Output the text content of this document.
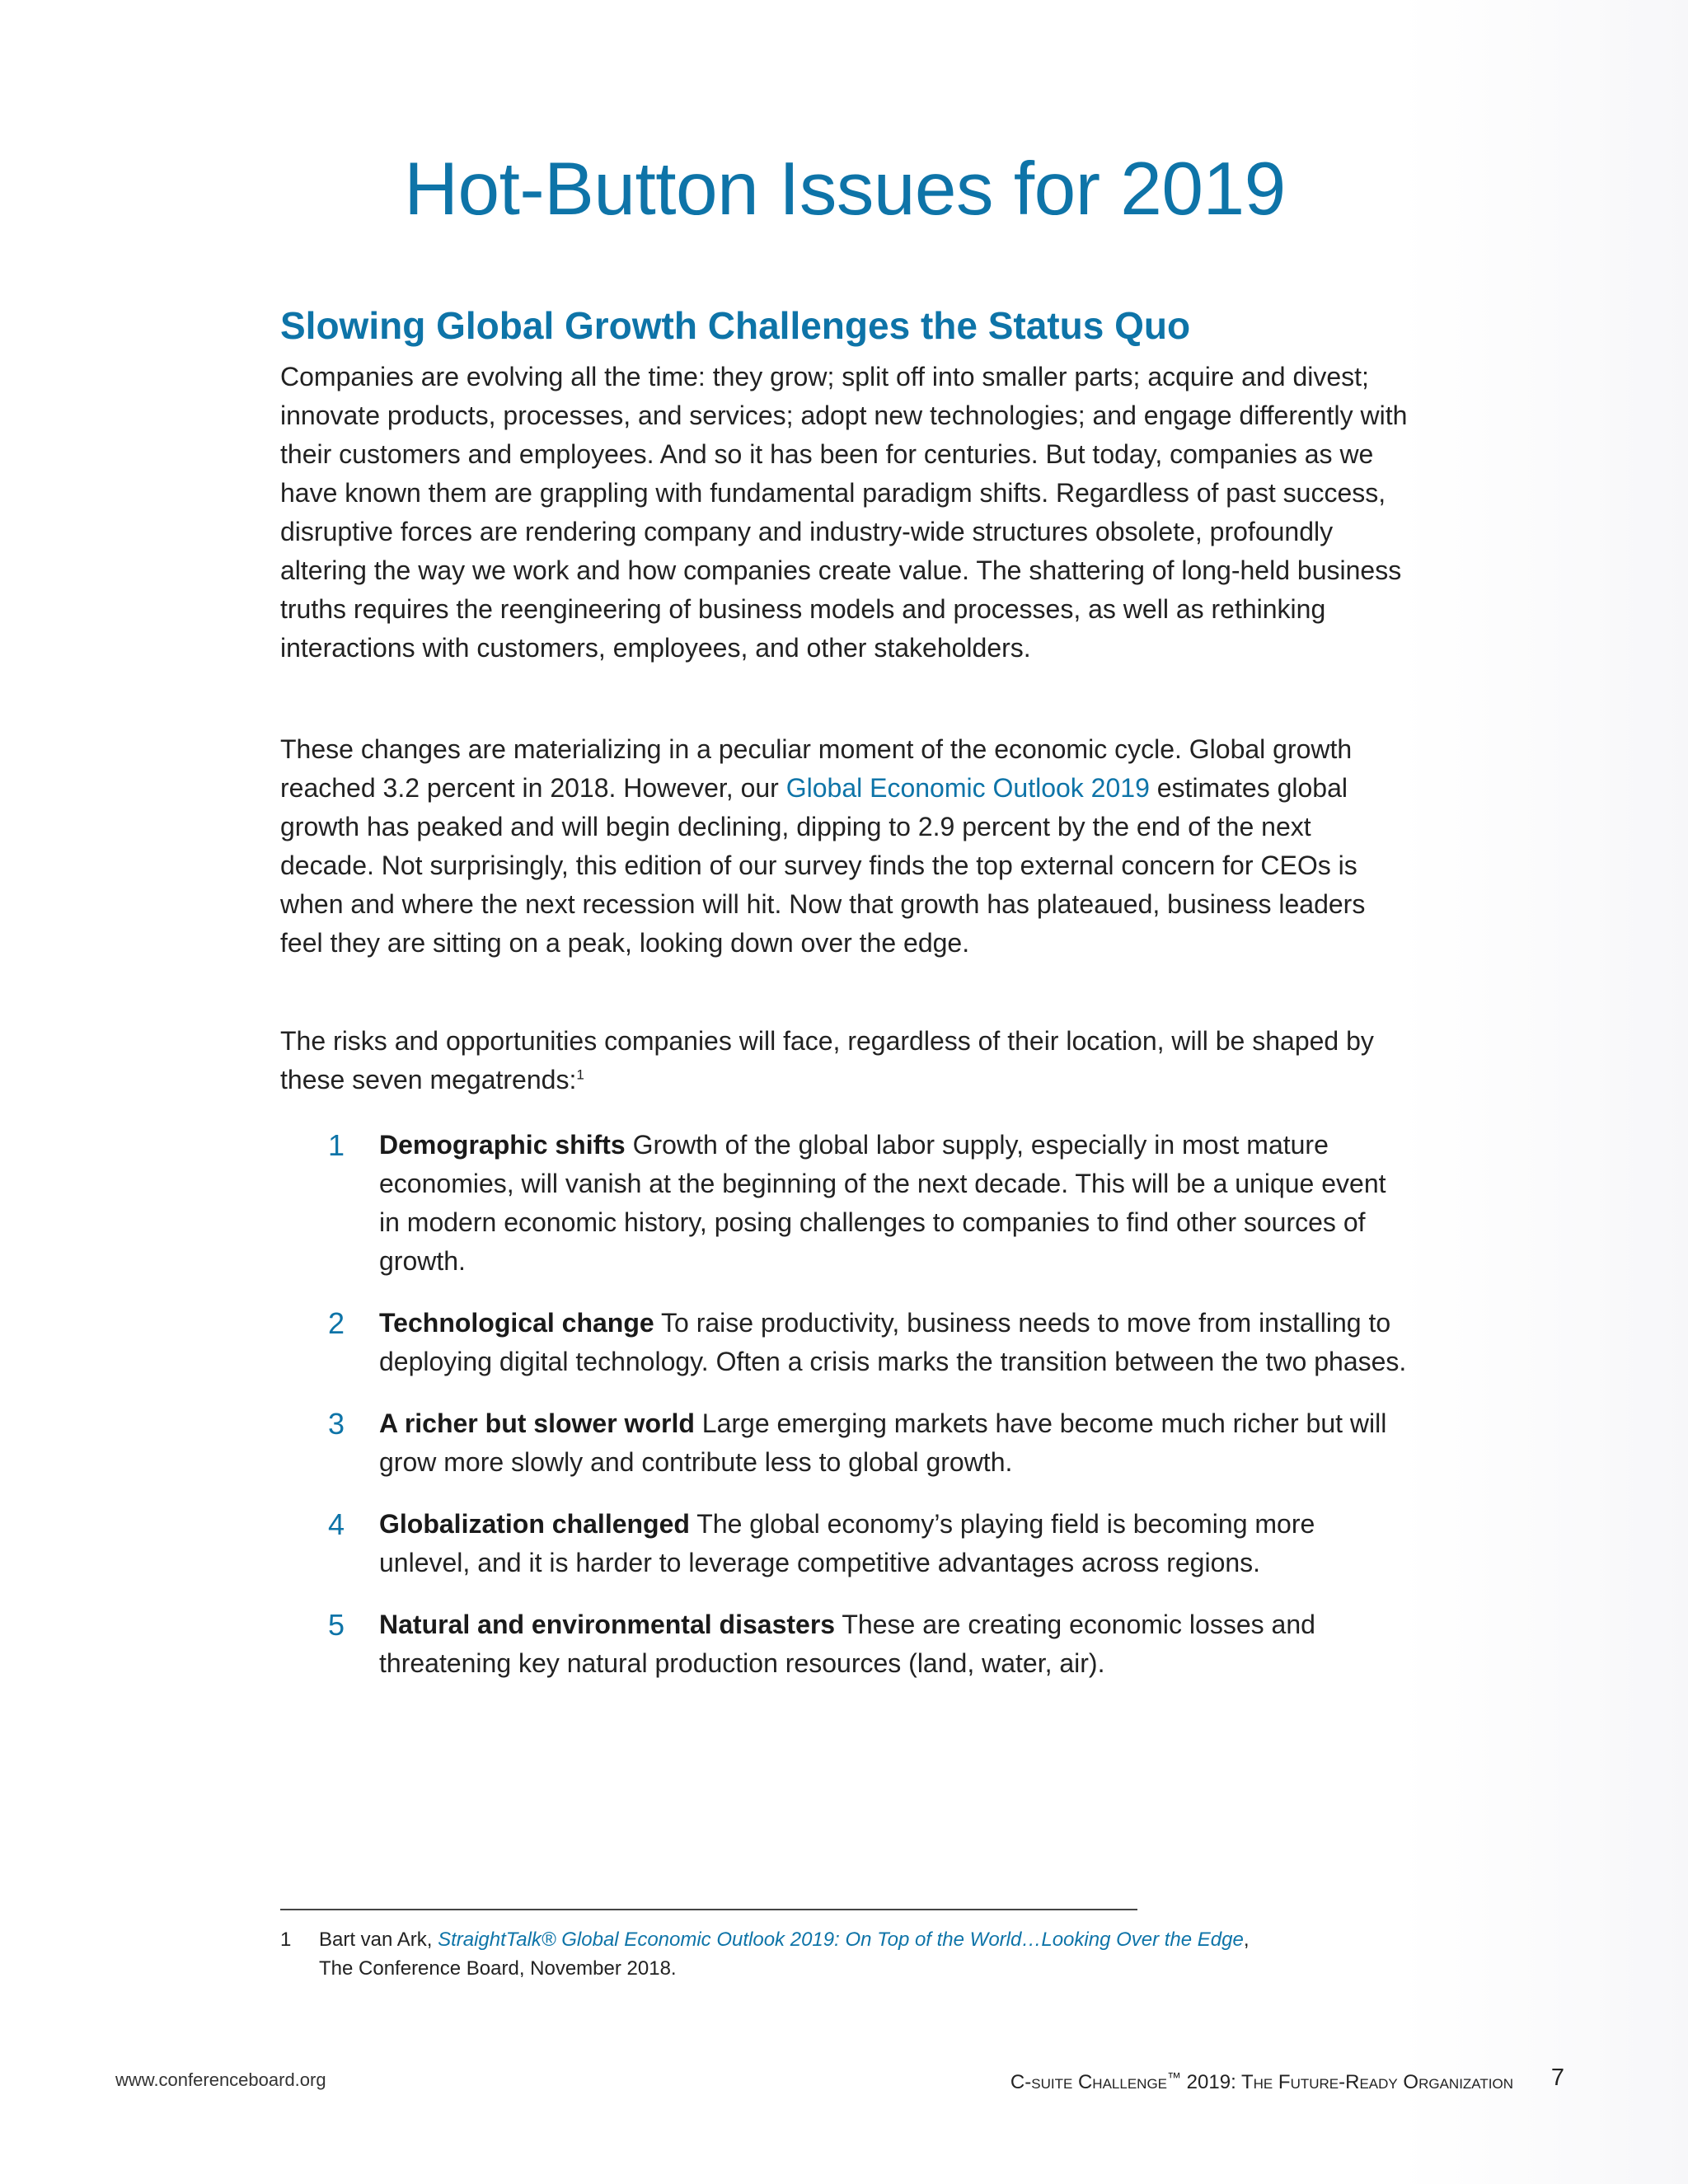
Hot-Button Issues for 2019
Slowing Global Growth Challenges the Status Quo

Companies are evolving all the time: they grow; split off into smaller parts; acquire and divest; innovate products, processes, and services; adopt new technologies; and engage differently with their customers and employees. And so it has been for centuries. But today, companies as we have known them are grappling with fundamental paradigm shifts. Regardless of past success, disruptive forces are rendering company and industry-wide structures obsolete, profoundly altering the way we work and how companies create value. The shattering of long-held business truths requires the reengineering of business models and processes, as well as rethinking interactions with customers, employees, and other stakeholders.

These changes are materializing in a peculiar moment of the economic cycle. Global growth reached 3.2 percent in 2018. However, our Global Economic Outlook 2019 estimates global growth has peaked and will begin declining, dipping to 2.9 percent by the end of the next decade. Not surprisingly, this edition of our survey finds the top external concern for CEOs is when and where the next recession will hit. Now that growth has plateaued, business leaders feel they are sitting on a peak, looking down over the edge.

The risks and opportunities companies will face, regardless of their location, will be shaped by these seven megatrends:$^1$

1 Demographic shifts Growth of the global labor supply, especially in most mature economies, will vanish at the beginning of the next decade. This will be a unique event in modern economic history, posing challenges to companies to find other sources of growth.
2 Technological change To raise productivity, business needs to move from installing to deploying digital technology. Often a crisis marks the transition between the two phases.
3 A richer but slower world Large emerging markets have become much richer but will grow more slowly and contribute less to global growth.
4 Globalization challenged The global economy’s playing field is becoming more unlevel, and it is harder to leverage competitive advantages across regions.
5 Natural and environmental disasters These are creating economic losses and threatening key natural production resources (land, water, air).
1 Bart van Ark, StraightTalk® Global Economic Outlook 2019: On Top of the World…Looking Over the Edge,
The Conference Board, November 2018.
www.conferenceboard.org	C-suite Challenge™ 2019: The Future-Ready Organization 7
